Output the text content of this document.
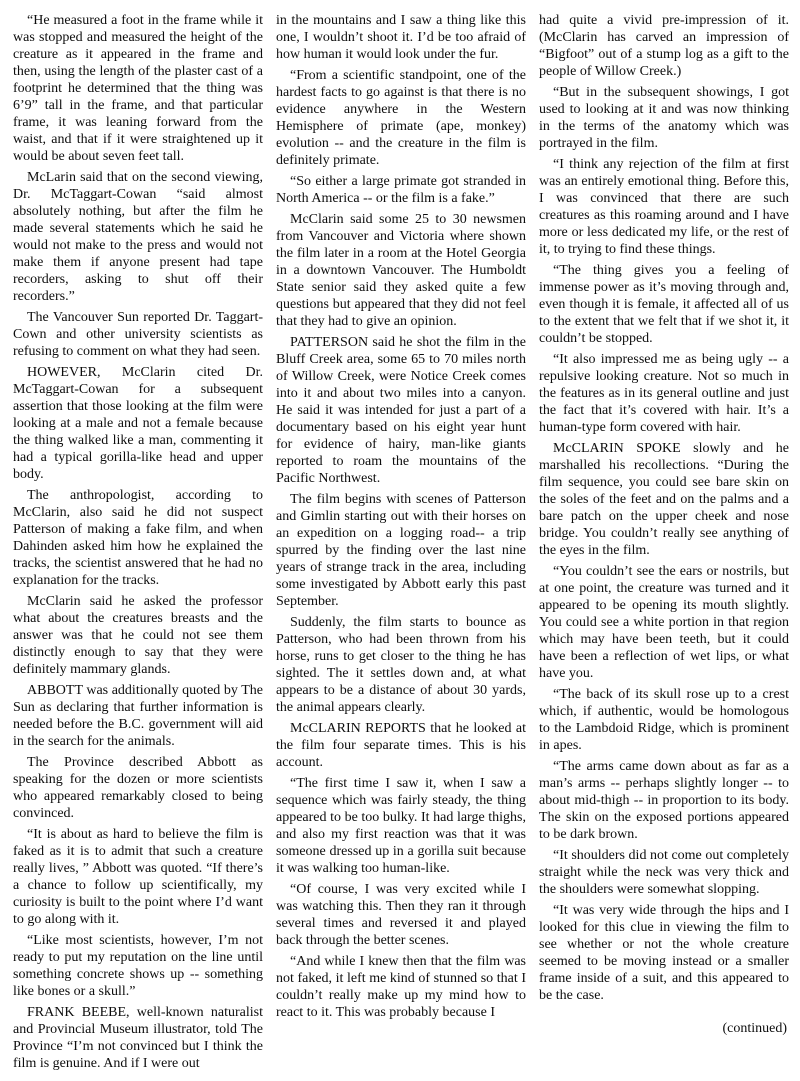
“He measured a foot in the frame while it was stopped and measured the height of the creature as it appeared in the frame and then, using the length of the plaster cast of a footprint he determined that the thing was 6’9” tall in the frame, and that particular frame, it was leaning forward from the waist, and that if it were straightened up it would be about seven feet tall.

McLarin said that on the second viewing, Dr. McTaggart-Cowan “said almost absolutely nothing, but after the film he made several statements which he said he would not make to the press and would not make them if anyone present had tape recorders, asking to shut off their recorders.”

The Vancouver Sun reported Dr. Taggart-Cown and other university scientists as refusing to comment on what they had seen.

HOWEVER, McClarin cited Dr. McTaggart-Cowan for a subsequent assertion that those looking at the film were looking at a male and not a female because the thing walked like a man, commenting it had a typical gorilla-like head and upper body.

The anthropologist, according to McClarin, also said he did not suspect Patterson of making a fake film, and when Dahinden asked him how he explained the tracks, the scientist answered that he had no explanation for the tracks.

McClarin said he asked the professor what about the creatures breasts and the answer was that he could not see them distinctly enough to say that they were definitely mammary glands.

ABBOTT was additionally quoted by The Sun as declaring that further information is needed before the B.C. government will aid in the search for the animals.

The Province described Abbott as speaking for the dozen or more scientists who appeared remarkably closed to being convinced.

“It is about as hard to believe the film is faked as it is to admit that such a creature really lives, ” Abbott was quoted. “If there’s a chance to follow up scientifically, my curiosity is built to the point where I’d want to go along with it.

“Like most scientists, however, I’m not ready to put my reputation on the line until something concrete shows up -- something like bones or a skull.”

FRANK BEEBE, well-known naturalist and Provincial Museum illustrator, told The Province “I’m not convinced but I think the film is genuine. And if I were out

in the mountains and I saw a thing like this one, I wouldn’t shoot it. I’d be too afraid of how human it would look under the fur.

“From a scientific standpoint, one of the hardest facts to go against is that there is no evidence anywhere in the Western Hemisphere of primate (ape, monkey) evolution -- and the creature in the film is definitely primate.

“So either a large primate got stranded in North America -- or the film is a fake.”

McClarin said some 25 to 30 newsmen from Vancouver and Victoria where shown the film later in a room at the Hotel Georgia in a downtown Vancouver. The Humboldt State senior said they asked quite a few questions but appeared that they did not feel that they had to give an opinion.

PATTERSON said he shot the film in the Bluff Creek area, some 65 to 70 miles north of Willow Creek, were Notice Creek comes into it and about two miles into a canyon. He said it was intended for just a part of a documentary based on his eight year hunt for evidence of hairy, man-like giants reported to roam the mountains of the Pacific Northwest.

The film begins with scenes of Patterson and Gimlin starting out with their horses on an expedition on a logging road-- a trip spurred by the finding over the last nine years of strange track in the area, including some investigated by Abbott early this past September.

Suddenly, the film starts to bounce as Patterson, who had been thrown from his horse, runs to get closer to the thing he has sighted. The it settles down and, at what appears to be a distance of about 30 yards, the animal appears clearly.

McCLARIN REPORTS that he looked at the film four separate times. This is his account.

“The first time I saw it, when I saw a sequence which was fairly steady, the thing appeared to be too bulky. It had large thighs, and also my first reaction was that it was someone dressed up in a gorilla suit because it was walking too human-like.

“Of course, I was very excited while I was watching this. Then they ran it through several times and reversed it and played back through the better scenes.

“And while I knew then that the film was not faked, it left me kind of stunned so that I couldn’t really make up my mind how to react to it. This was probably because I

had quite a vivid pre-impression of it. (McClarin has carved an impression of “Bigfoot” out of a stump log as a gift to the people of Willow Creek.)

“But in the subsequent showings, I got used to looking at it and was now thinking in the terms of the anatomy which was portrayed in the film.

“I think any rejection of the film at first was an entirely emotional thing. Before this, I was convinced that there are such creatures as this roaming around and I have more or less dedicated my life, or the rest of it, to trying to find these things.

“The thing gives you a feeling of immense power as it’s moving through and, even though it is female, it affected all of us to the extent that we felt that if we shot it, it couldn’t be stopped.

“It also impressed me as being ugly -- a repulsive looking creature. Not so much in the features as in its general outline and just the fact that it’s covered with hair. It’s a human-type form covered with hair.

McCLARIN SPOKE slowly and he marshalled his recollections. “During the film sequence, you could see bare skin on the soles of the feet and on the palms and a bare patch on the upper cheek and nose bridge. You couldn’t really see anything of the eyes in the film.

“You couldn’t see the ears or nostrils, but at one point, the creature was turned and it appeared to be opening its mouth slightly. You could see a white portion in that region which may have been teeth, but it could have been a reflection of wet lips, or what have you.

“The back of its skull rose up to a crest which, if authentic, would be homologous to the Lambdoid Ridge, which is prominent in apes.

“The arms came down about as far as a man’s arms -- perhaps slightly longer -- to about mid-thigh -- in proportion to its body. The skin on the exposed portions appeared to be dark brown.

“It shoulders did not come out completely straight while the neck was very thick and the shoulders were somewhat slopping.

“It was very wide through the hips and I looked for this clue in viewing the film to see whether or not the whole creature seemed to be moving instead or a smaller frame inside of a suit, and this appeared to be the case.

(continued)
